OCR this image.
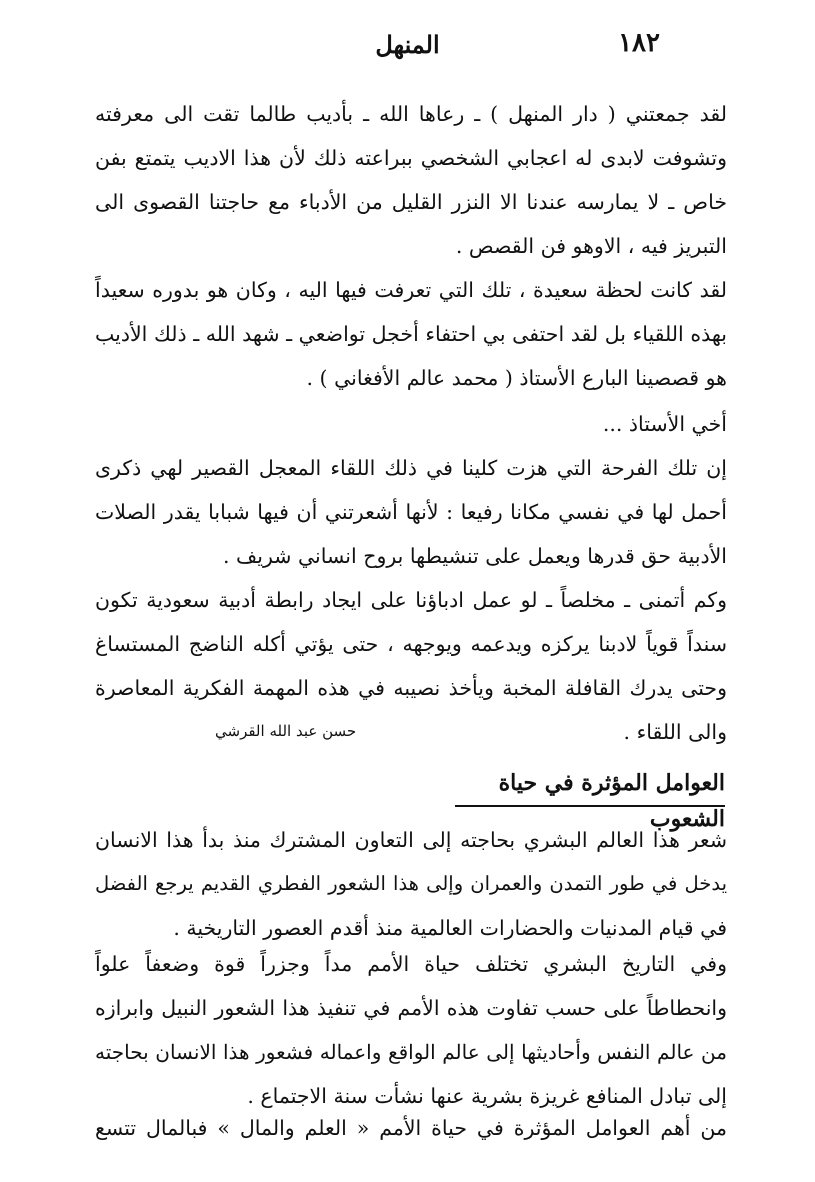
١٨٢
المنهل
لقد جمعتني ( دار المنهل ) ـ رعاها الله ـ بأديب طالما تقت الى معرفته
وتشوفت لابدى له اعجابي الشخصي ببراعته ذلك لأن هذا الاديب يتمتع بفن
خاص ـ لا يمارسه عندنا الا النزر القليل من الأدباء مع حاجتنا القصوى الى
التبريز فيه ، الاوهو فن القصص .
لقد كانت لحظة سعيدة ، تلك التي تعرفت فيها اليه ، وكان هو بدوره سعيداً
بهذه اللقياء بل لقد احتفى بي احتفاء أخجل تواضعي ـ شهد الله ـ ذلك الأديب
هو قصصينا البارع الأستاذ ( محمد عالم الأفغاني ) .
أخي الأستاذ ...
إن تلك الفرحة التي هزت كلينا في ذلك اللقاء المعجل القصير لهي ذكرى
أحمل لها في نفسي مكانا رفيعا : لأنها أشعرتني أن فيها شبابا يقدر الصلات
الأدبية حق قدرها ويعمل على تنشيطها بروح انساني شريف .
وكم أتمنى ـ مخلصاً ـ لو عمل ادباؤنا على ايجاد رابطة أدبية سعودية تكون
سنداً قوياً لادبنا يركزه ويدعمه ويوجهه ، حتى يؤتي أكله الناضج المستساغ
وحتى يدرك القافلة المخبة ويأخذ نصيبه في هذه المهمة الفكرية المعاصرة
والى اللقاء .
حسن عبد الله القرشي
العوامل المؤثرة في حياة الشعوب
شعر هذا العالم البشري بحاجته إلى التعاون المشترك منذ بدأ هذا الانسان
يدخل في طور التمدن والعمران وإلى هذا الشعور الفطري القديم يرجع الفضل
في قيام المدنيات والحضارات العالمية منذ أقدم العصور التاريخية .
وفي التاريخ البشري تختلف حياة الأمم مداً وجزراً قوة وضعفاً علواً
وانحطاطاً على حسب تفاوت هذه الأمم في تنفيذ هذا الشعور النبيل وابرازه
من عالم النفس وأحاديثها إلى عالم الواقع واعماله فشعور هذا الانسان بحاجته
إلى تبادل المنافع غريزة بشرية عنها نشأت سنة الاجتماع .
من أهم العوامل المؤثرة في حياة الأمم « العلم والمال » فبالمال تتسع
